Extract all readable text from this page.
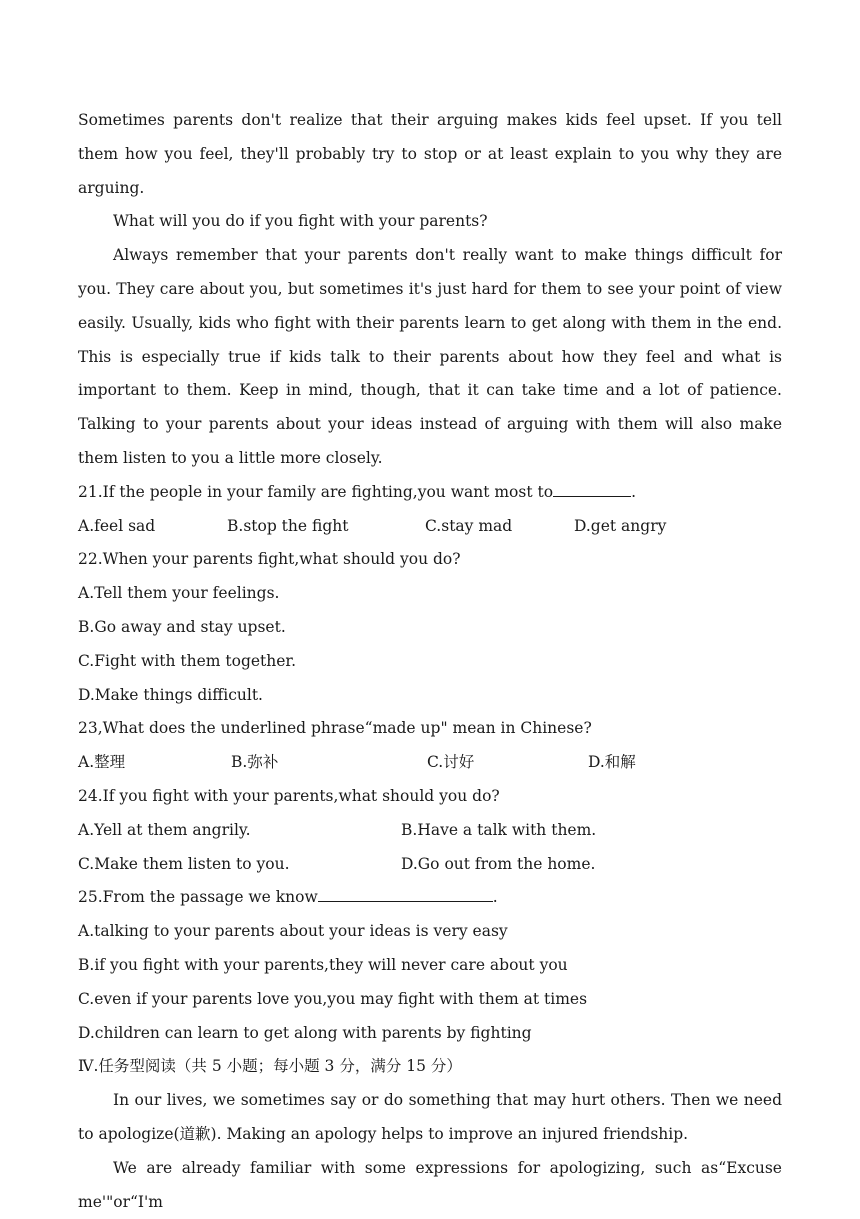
Sometimes parents don't realize that their arguing makes kids feel upset. If you tell them how you feel, they'll probably try to stop or at least explain to you why they are arguing.

What will you do if you fight with your parents?

Always remember that your parents don't really want to make things difficult for you. They care about you, but sometimes it's just hard for them to see your point of view easily. Usually, kids who fight with their parents learn to get along with them in the end. This is especially true if kids talk to their parents about how they feel and what is important to them. Keep in mind, though, that it can take time and a lot of patience. Talking to your parents about your ideas instead of arguing with them will also make them listen to you a little more closely.

21.If the people in your family are fighting,you want most to	.

A.feel sad	B.stop the fight	C.stay mad	D.get angry

22.When your parents fight,what should you do?

A.Tell them your feelings.

B.Go away and stay upset.

C.Fight with them together.

D.Make things difficult.

23,What does the underlined phrase“made up" mean in Chinese?

A.整理	B.弥补	C.讨好	D.和解

24.If you fight with your parents,what should you do?

A.Yell at them angrily.	B.Have a talk with them.
C.Make them listen to you.	D.Go out from the home.

25.From the passage we know	.

A.talking to your parents about your ideas is very easy

B.if you fight with your parents,they will never care about you

C.even if your parents love you,you may fight with them at times

D.children can learn to get along with parents by fighting

Ⅳ.任务型阅读（共 5 小题；每小题 3 分，满分 15 分）

In our lives, we sometimes say or do something that may hurt others. Then we need to apologize(道歉). Making an apology helps to improve an injured friendship.

We are already familiar with some expressions for apologizing, such as“Excuse me'"or“I'm
